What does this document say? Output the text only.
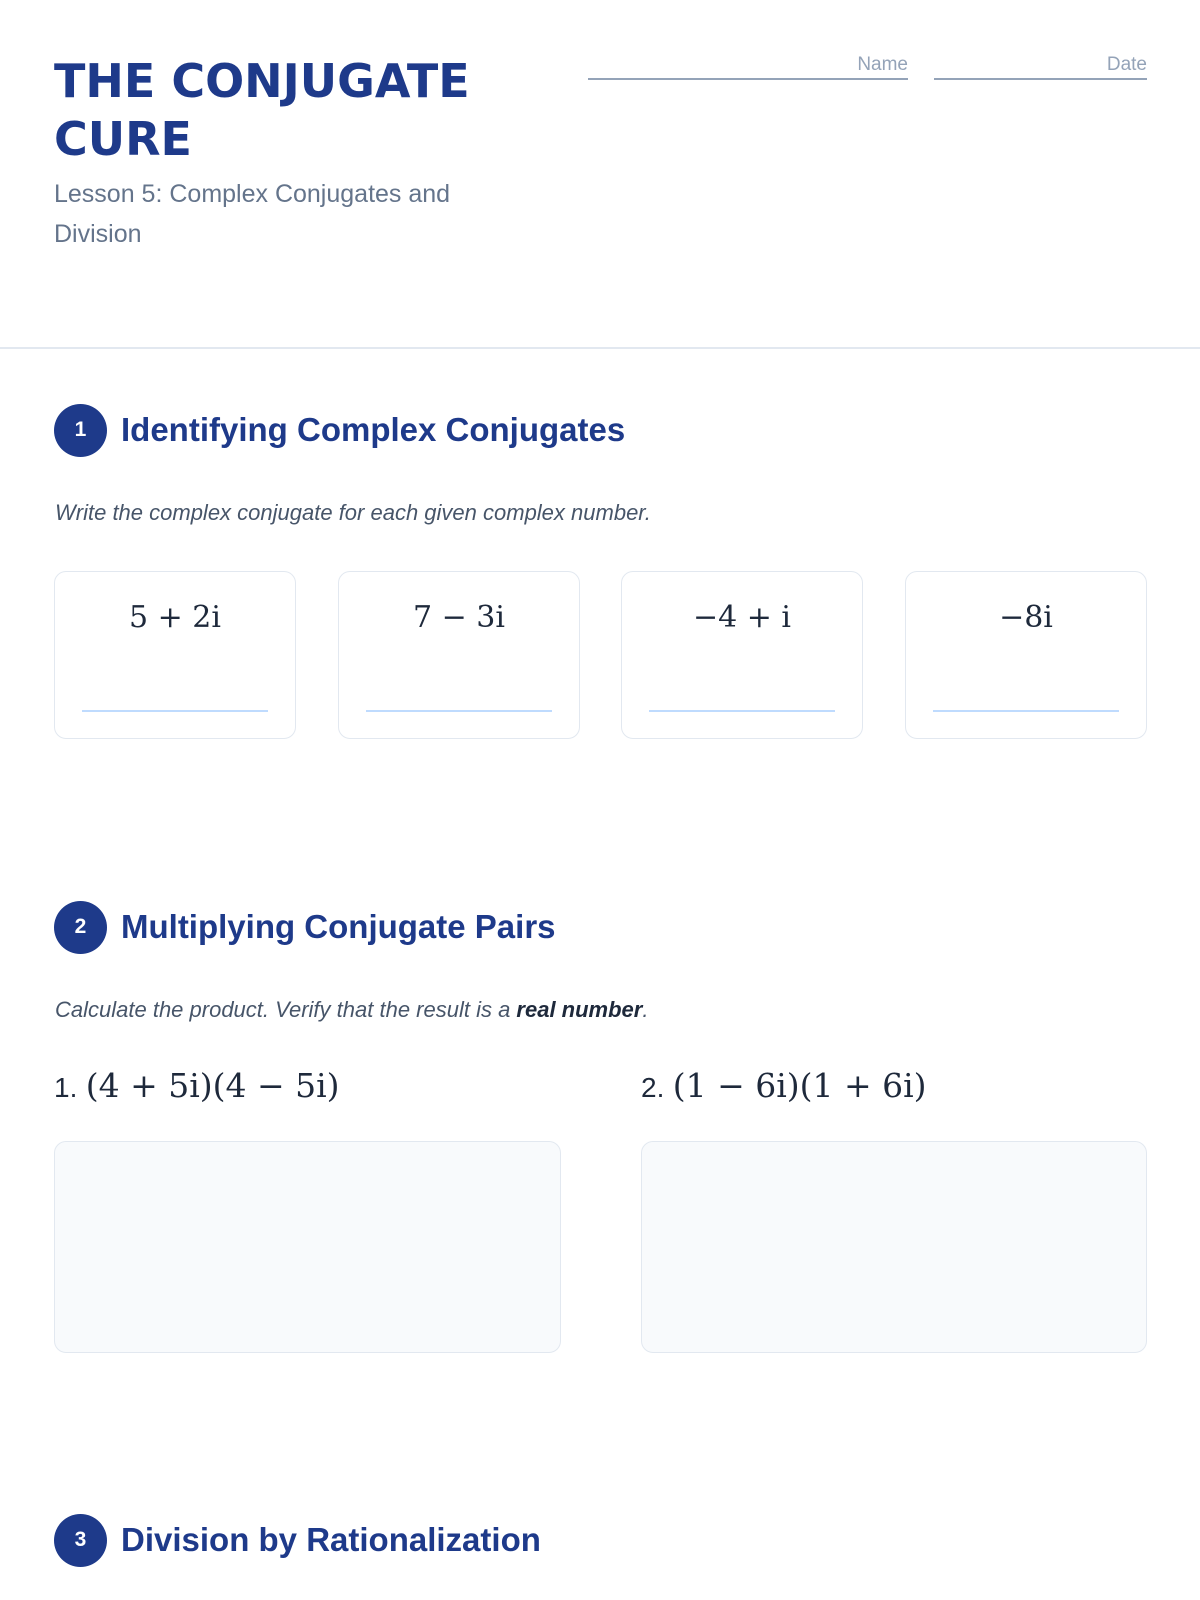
THE CONJUGATE CURE
Lesson 5: Complex Conjugates and Division
Name	Date
1	Identifying Complex Conjugates
Write the complex conjugate for each given complex number.
5 + 2i	7 − 3i	−4 + i	−8i
2	Multiplying Conjugate Pairs
Calculate the product. Verify that the result is a real number.
1. (4 + 5i)(4 − 5i)	2. (1 − 6i)(1 + 6i)
3	Division by Rationalization
